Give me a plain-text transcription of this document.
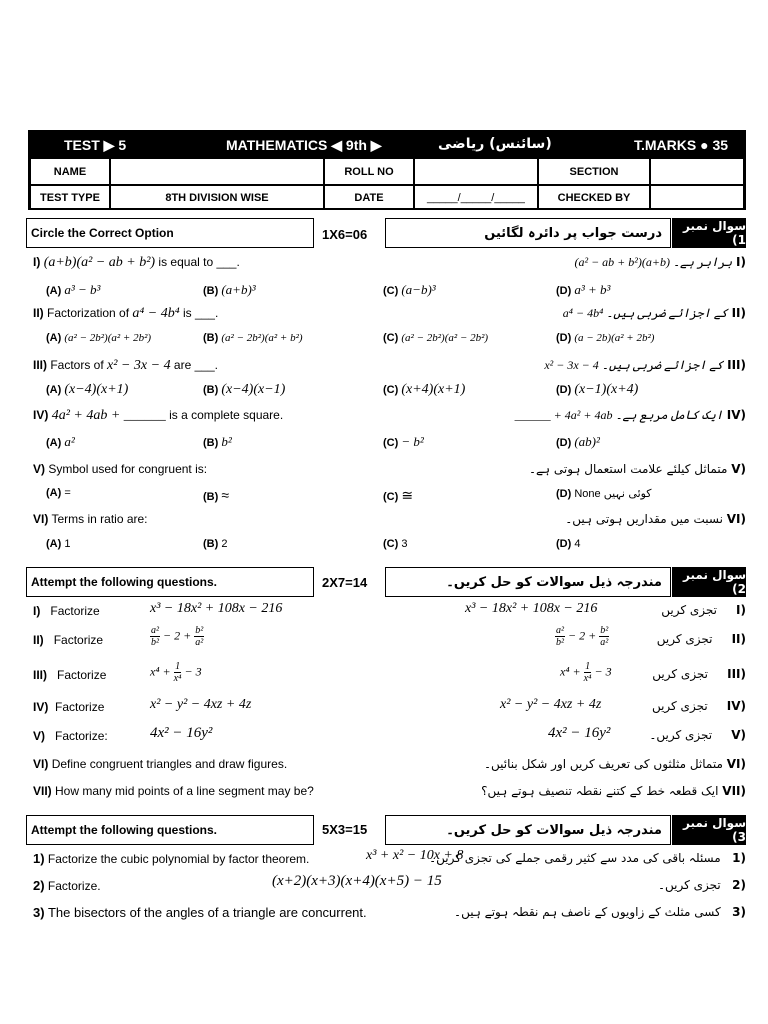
TEST ▶ 5	MATHEMATICS ◀ 9th ▶	(سائنس) ریاضی	T.MARKS ● 35
NAME	ROLL NO	SECTION
TEST TYPE	8TH DIVISION WISE	DATE	_____/_____/_____	CHECKED BY
Circle the Correct Option	1X6=06	درست جواب پر دائرہ لگائیں	سوال نمبر 1)
I) (a+b)(a² − ab + b²) is equal to ___.	(I برابر ہے۔ (a+b)(a² − ab + b²)
(A) a³ − b³	(B) (a+b)³	(C) (a−b)³	(D) a³ + b³
II) Factorization of a⁴ − 4b⁴ is ___.	(II کے اجزائے ضربی ہیں۔ a⁴ − 4b⁴
(A) (a² − 2b²)(a² + 2b²)	(B) (a² − 2b²)(a² + b²)	(C) (a² − 2b²)(a² − 2b²)	(D) (a − 2b)(a² + 2b²)
III) Factors of x² − 3x − 4 are ___.	(III کے اجزائے ضربی ہیں۔ x² − 3x − 4
(A) (x−4)(x+1)	(B) (x−4)(x−1)	(C) (x+4)(x+1)	(D) (x−1)(x+4)
IV) 4a² + 4ab + ______ is a complete square.	(IV ایک کامل مربع ہے۔ 4a² + 4ab + ______
(A) a²	(B) b²	(C) − b²	(D) (ab)²
V) Symbol used for congruent is:	(V متماثل کیلئے علامت استعمال ہوتی ہے۔
(A) =	(B) ≈	(C) ≅	(D) None کوئی نہیں
VI) Terms in ratio are:	(VI نسبت میں مقداریں ہوتی ہیں۔
(A) 1	(B) 2	(C) 3	(D) 4
Attempt the following questions.	2X7=14	مندرجہ ذیل سوالات کو حل کریں۔	سوال نمبر 2)
I) Factorize	x³ − 18x² + 108x − 216	x³ − 18x² + 108x − 216	(I     تجزی کریں
II) Factorize	$\frac{\text{a²}}{\text{b²}} - 2 + \frac{\text{b²}}{\text{a²}}$	$\frac{\text{a²}}{\text{b²}} - 2 + \frac{\text{b²}}{\text{a²}}$	(II     تجزی کریں
III) Factorize	$x^4 + \frac{1}{\text{x⁴}} - 3$	$x^4 + \frac{1}{\text{x⁴}} - 3$	(III     تجزی کریں
IV) Factorize	x² − y² − 4xz + 4z	x² − y² − 4xz + 4z	(IV     تجزی کریں
V) Factorize:	4x² − 16y²	4x² − 16y²	(V     تجزی کریں۔
VI) Define congruent triangles and draw figures.	(VI متماثل مثلثوں کی تعریف کریں اور شکل بنائیں۔
VII) How many mid points of a line segment may be?	(VII ایک قطعہ خط کے کتنے نقطہ تنصیف ہوتے ہیں؟
Attempt the following questions.	5X3=15	مندرجہ ذیل سوالات کو حل کریں۔	سوال نمبر 3)
1) Factorize the cubic polynomial by factor theorem.	x³ + x² − 10x + 8	(1   مسئلہ باقی کی مدد سے کثیر رقمی جملے کی تجزی کریں۔
2) Factorize.	(x+2)(x+3)(x+4)(x+5) − 15	(2   تجزی کریں۔
3) The bisectors of the angles of a triangle are concurrent.	(3   کسی مثلث کے زاویوں کے ناصف ہم نقطہ ہوتے ہیں۔
